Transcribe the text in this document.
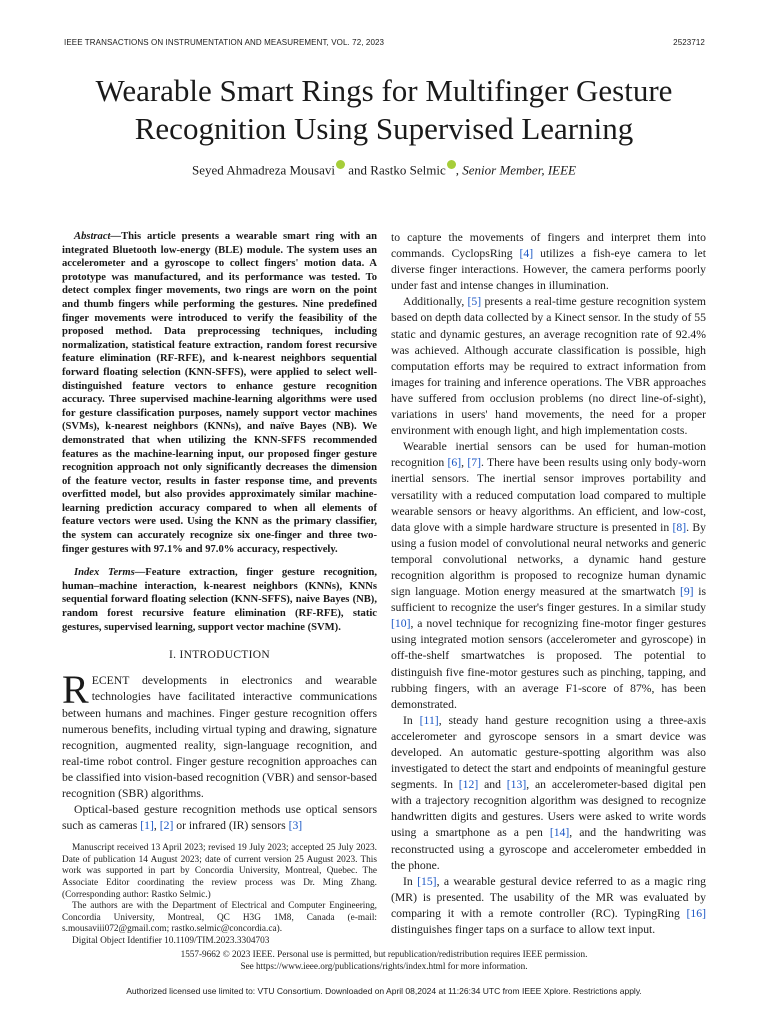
IEEE TRANSACTIONS ON INSTRUMENTATION AND MEASUREMENT, VOL. 72, 2023	2523712
Wearable Smart Rings for Multifinger Gesture Recognition Using Supervised Learning
Seyed Ahmadreza Mousavi and Rastko Selmic , Senior Member, IEEE

Abstract—This article presents a wearable smart ring with an integrated Bluetooth low-energy (BLE) module. The system uses an accelerometer and a gyroscope to collect fingers' motion data. A prototype was manufactured, and its performance was tested. To detect complex finger movements, two rings are worn on the point and thumb fingers while performing the gestures. Nine predefined finger movements were introduced to verify the feasibility of the proposed method. Data preprocessing techniques, including normalization, statistical feature extraction, random forest recursive feature elimination (RF-RFE), and k-nearest neighbors sequential forward floating selection (KNN-SFFS), were applied to select well-distinguished feature vectors to enhance gesture recognition accuracy. Three supervised machine-learning algorithms were used for gesture classification purposes, namely support vector machines (SVMs), k-nearest neighbors (KNNs), and naïve Bayes (NB). We demonstrated that when utilizing the KNN-SFFS recommended features as the machine-learning input, our proposed finger gesture recognition approach not only significantly decreases the dimension of the feature vector, results in faster response time, and prevents overfitted model, but also provides approximately similar machine-learning prediction accuracy compared to when all elements of feature vectors were used. Using the KNN as the primary classifier, the system can accurately recognize six one-finger and three two-finger gestures with 97.1% and 97.0% accuracy, respectively.

Index Terms—Feature extraction, finger gesture recognition, human–machine interaction, k-nearest neighbors (KNNs), KNNs sequential forward floating selection (KNN-SFFS), naive Bayes (NB), random forest recursive feature elimination (RF-RFE), static gestures, supervised learning, support vector machine (SVM).

I. INTRODUCTION

RECENT developments in electronics and wearable technologies have facilitated interactive communications between humans and machines. Finger gesture recognition offers numerous benefits, including virtual typing and drawing, signature recognition, augmented reality, sign-language recognition, and real-time robot control. Finger gesture recognition approaches can be classified into vision-based recognition (VBR) and sensor-based recognition (SBR) algorithms.

Optical-based gesture recognition methods use optical sensors such as cameras [1], [2] or infrared (IR) sensors [3]

Manuscript received 13 April 2023; revised 19 July 2023; accepted 25 July 2023. Date of publication 14 August 2023; date of current version 25 August 2023. This work was supported in part by Concordia University, Montreal, Quebec. The Associate Editor coordinating the review process was Dr. Ming Zhang. (Corresponding author: Rastko Selmic.)

The authors are with the Department of Electrical and Computer Engineering, Concordia University, Montreal, QC H3G 1M8, Canada (e-mail: s.mousaviii072@gmail.com; rastko.selmic@concordia.ca).

Digital Object Identifier 10.1109/TIM.2023.3304703

to capture the movements of fingers and interpret them into commands. CyclopsRing [4] utilizes a fish-eye camera to let diverse finger interactions. However, the camera performs poorly under fast and intense changes in illumination.

Additionally, [5] presents a real-time gesture recognition system based on depth data collected by a Kinect sensor. In the study of 55 static and dynamic gestures, an average recognition rate of 92.4% was achieved. Although accurate classification is possible, high computation efforts may be required to extract information from images for training and inference operations. The VBR approaches have suffered from occlusion problems (no direct line-of-sight), variations in users' hand movements, the need for a proper environment with enough light, and high implementation costs.

Wearable inertial sensors can be used for human-motion recognition [6], [7]. There have been results using only body-worn inertial sensors. The inertial sensor improves portability and versatility with a reduced computation load compared to multiple wearable sensors or heavy algorithms. An efficient, and low-cost, data glove with a simple hardware structure is presented in [8]. By using a fusion model of convolutional neural networks and generic temporal convolutional networks, a dynamic hand gesture recognition algorithm is proposed to recognize human dynamic sign language. Motion energy measured at the smartwatch [9] is sufficient to recognize the user's finger gestures. In a similar study [10], a novel technique for recognizing fine-motor finger gestures using integrated motion sensors (accelerometer and gyroscope) in off-the-shelf smartwatches is proposed. The potential to distinguish five fine-motor gestures such as pinching, tapping, and rubbing fingers, with an average F1-score of 87%, has been demonstrated.

In [11], steady hand gesture recognition using a three-axis accelerometer and gyroscope sensors in a smart device was developed. An automatic gesture-spotting algorithm was also investigated to detect the start and endpoints of meaningful gesture segments. In [12] and [13], an accelerometer-based digital pen with a trajectory recognition algorithm was designed to recognize handwritten digits and gestures. Users were asked to write words using a smartphone as a pen [14], and the handwriting was reconstructed using a gyroscope and accelerometer embedded in the phone.

In [15], a wearable gestural device referred to as a magic ring (MR) is presented. The usability of the MR was evaluated by comparing it with a remote controller (RC). TypingRing [16] distinguishes finger taps on a surface to allow text input.

1557-9662 © 2023 IEEE. Personal use is permitted, but republication/redistribution requires IEEE permission.
See https://www.ieee.org/publications/rights/index.html for more information.
Authorized licensed use limited to: VTU Consortium. Downloaded on April 08,2024 at 11:26:34 UTC from IEEE Xplore. Restrictions apply.
